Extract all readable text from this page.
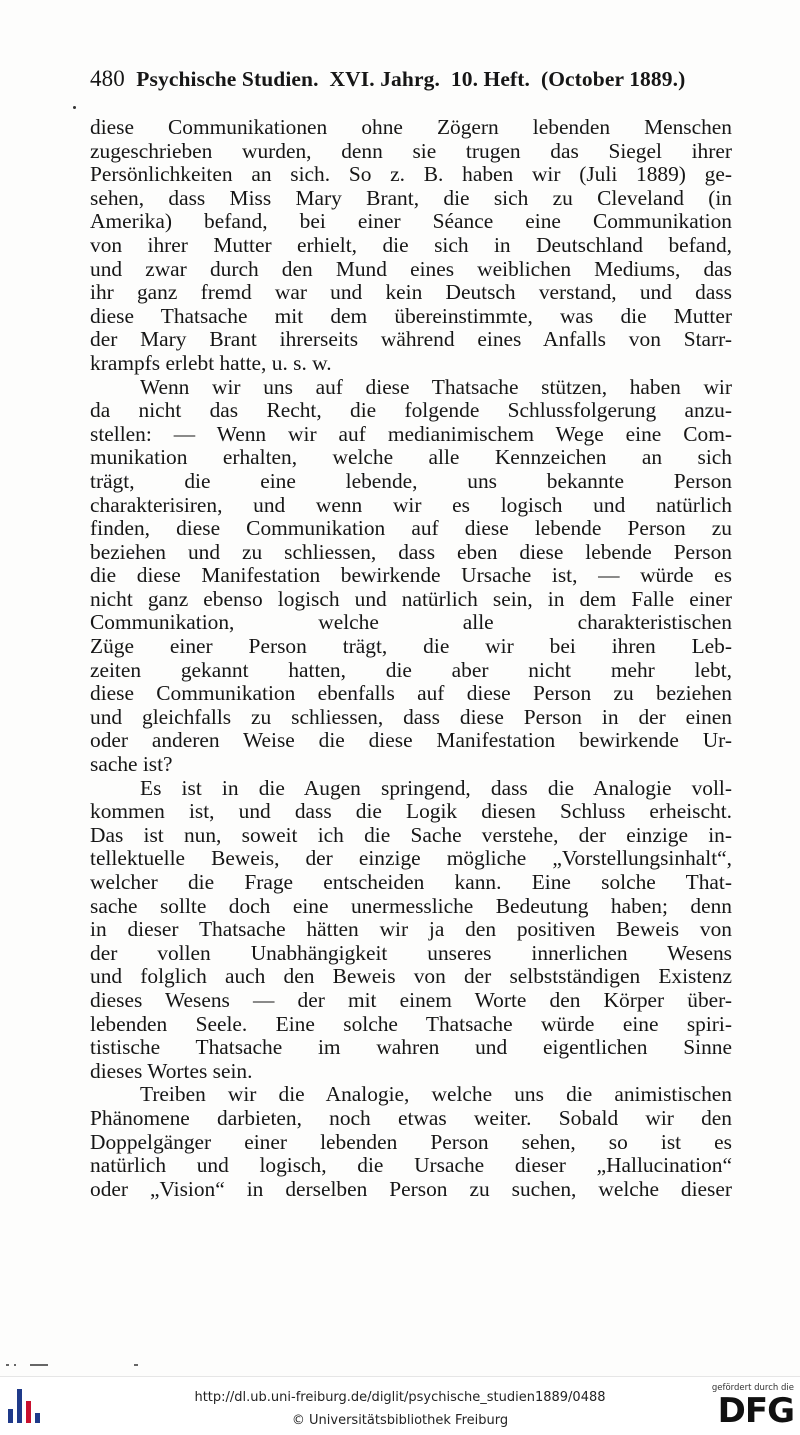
480 Psychische Studien.  XVI. Jahrg.  10. Heft.  (October 1889.)
diese Communikationen ohne Zögern lebenden Menschen
zugeschrieben wurden, denn sie trugen das Siegel ihrer
Persönlichkeiten an sich. So z. B. haben wir (Juli 1889) ge-
sehen, dass Miss Mary Brant, die sich zu Cleveland (in
Amerika) befand, bei einer Séance eine Communikation
von ihrer Mutter erhielt, die sich in Deutschland befand,
und zwar durch den Mund eines weiblichen Mediums, das
ihr ganz fremd war und kein Deutsch verstand, und dass
diese Thatsache mit dem übereinstimmte, was die Mutter
der Mary Brant ihrerseits während eines Anfalls von Starr-
krampfs erlebt hatte, u. s. w.
Wenn wir uns auf diese Thatsache stützen, haben wir
da nicht das Recht, die folgende Schlussfolgerung anzu-
stellen: — Wenn wir auf medianimischem Wege eine Com-
munikation erhalten, welche alle Kennzeichen an sich
trägt, die eine lebende, uns bekannte Person
charakterisiren, und wenn wir es logisch und natürlich
finden, diese Communikation auf diese lebende Person zu
beziehen und zu schliessen, dass eben diese lebende Person
die diese Manifestation bewirkende Ursache ist, — würde es
nicht ganz ebenso logisch und natürlich sein, in dem Falle einer
Communikation, welche alle charakteristischen
Züge einer Person trägt, die wir bei ihren Leb-
zeiten gekannt hatten, die aber nicht mehr lebt,
diese Communikation ebenfalls auf diese Person zu beziehen
und gleichfalls zu schliessen, dass diese Person in der einen
oder anderen Weise die diese Manifestation bewirkende Ur-
sache ist?
Es ist in die Augen springend, dass die Analogie voll-
kommen ist, und dass die Logik diesen Schluss erheischt.
Das ist nun, soweit ich die Sache verstehe, der einzige in-
tellektuelle Beweis, der einzige mögliche „Vorstellungsinhalt“,
welcher die Frage entscheiden kann. Eine solche That-
sache sollte doch eine unermessliche Bedeutung haben; denn
in dieser Thatsache hätten wir ja den positiven Beweis von
der vollen Unabhängigkeit unseres innerlichen Wesens
und folglich auch den Beweis von der selbstständigen Existenz
dieses Wesens — der mit einem Worte den Körper über-
lebenden Seele. Eine solche Thatsache würde eine spiri-
tistische Thatsache im wahren und eigentlichen Sinne
dieses Wortes sein.
Treiben wir die Analogie, welche uns die animistischen
Phänomene darbieten, noch etwas weiter. Sobald wir den
Doppelgänger einer lebenden Person sehen, so ist es
natürlich und logisch, die Ursache dieser „Hallucination“
oder „Vision“ in derselben Person zu suchen, welche dieser
http://dl.ub.uni-freiburg.de/diglit/psychische_studien1889/0488
© Universitätsbibliothek Freiburg
gefördert durch die
DFG
